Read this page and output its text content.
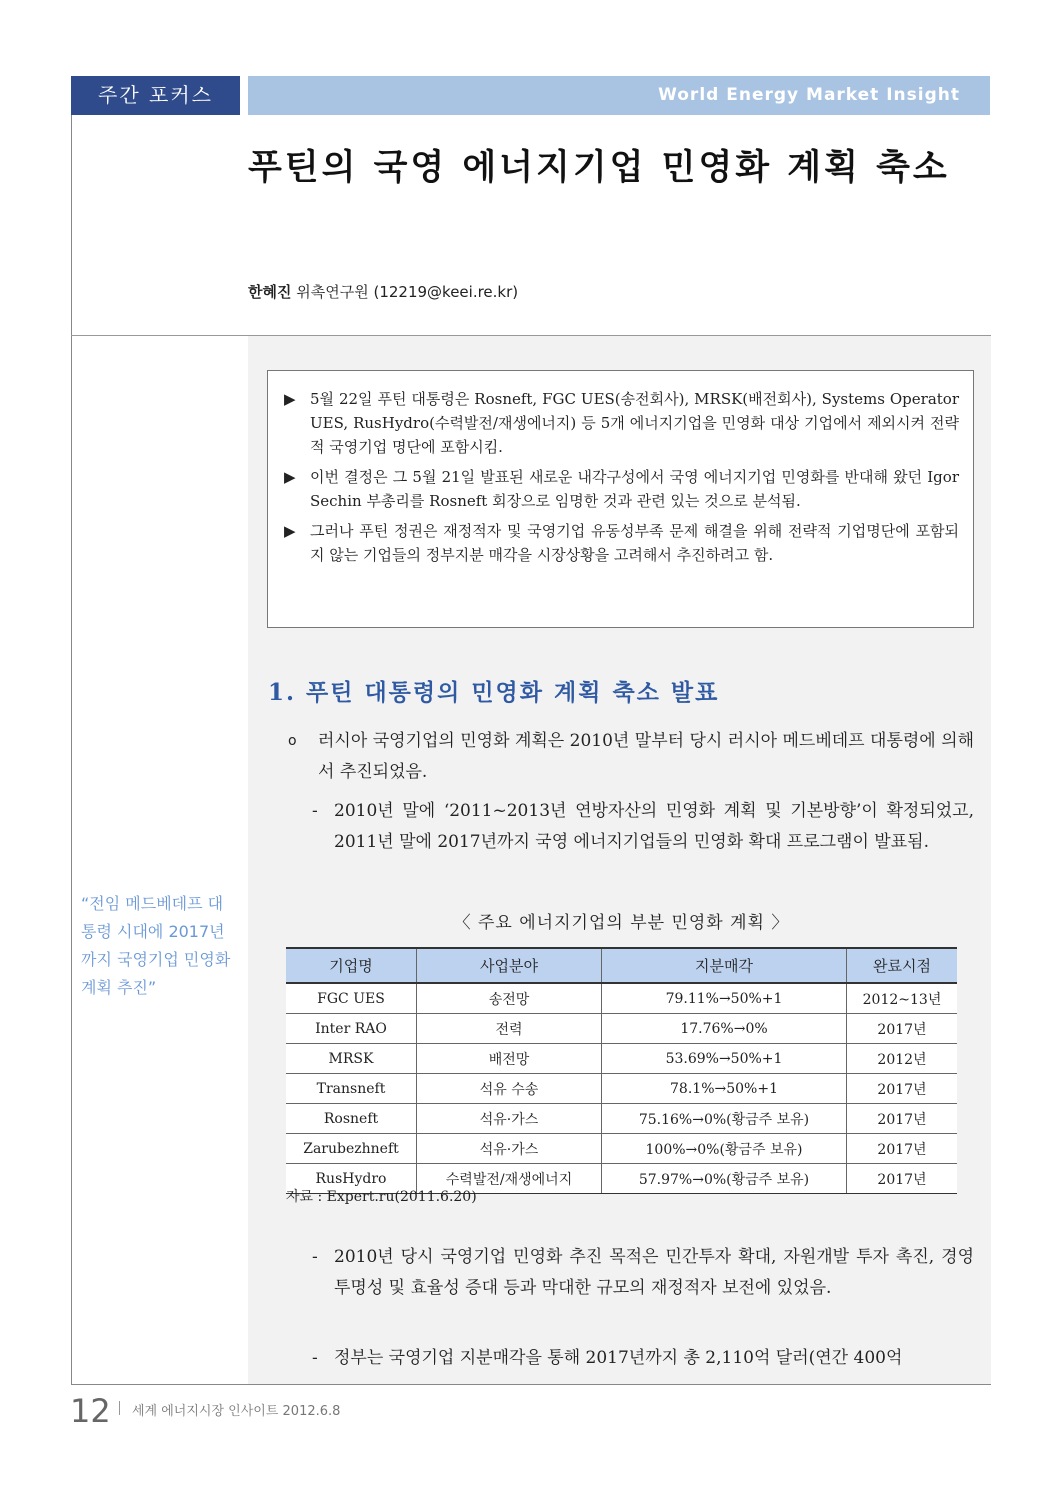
주간 포커스	World Energy Market Insight
푸틴의 국영 에너지기업 민영화 계획 축소
한혜진 위촉연구원 (12219@keei.re.kr)
▶ 5월 22일 푸틴 대통령은 Rosneft, FGC UES(송전회사), MRSK(배전회사), Systems Operator UES, RusHydro(수력발전/재생에너지) 등 5개 에너지기업을 민영화 대상 기업에서 제외시켜 전략적 국영기업 명단에 포함시킴.
▶ 이번 결정은 그 5월 21일 발표된 새로운 내각구성에서 국영 에너지기업 민영화를 반대해 왔던 Igor Sechin 부총리를 Rosneft 회장으로 임명한 것과 관련 있는 것으로 분석됨.
▶ 그러나 푸틴 정권은 재정적자 및 국영기업 유동성부족 문제 해결을 위해 전략적 기업명단에 포함되지 않는 기업들의 정부지분 매각을 시장상황을 고려해서 추진하려고 함.
1. 푸틴 대통령의 민영화 계획 축소 발표
o	러시아 국영기업의 민영화 계획은 2010년 말부터 당시 러시아 메드베데프 대통령에 의해서 추진되었음.
- 2010년 말에 ‘2011~2013년 연방자산의 민영화 계획 및 기본방향’이 확정되었고, 2011년 말에 2017년까지 국영 에너지기업들의 민영화 확대 프로그램이 발표됨.
〈 주요 에너지기업의 부분 민영화 계획 〉
기업명	사업분야	지분매각	완료시점
FGC UES	송전망	79.11%→50%+1	2012~13년
Inter RAO	전력	17.76%→0%	2017년
MRSK	배전망	53.69%→50%+1	2012년
Transneft	석유 수송	78.1%→50%+1	2017년
Rosneft	석유·가스	75.16%→0%(황금주 보유)	2017년
Zarubezhneft	석유·가스	100%→0%(황금주 보유)	2017년
RusHydro	수력발전/재생에너지	57.97%→0%(황금주 보유)	2017년
자료 : Expert.ru(2011.6.20)
- 2010년 당시 국영기업 민영화 추진 목적은 민간투자 확대, 자원개발 투자 촉진, 경영 투명성 및 효율성 증대 등과 막대한 규모의 재정적자 보전에 있었음.
- 정부는 국영기업 지분매각을 통해 2017년까지 총 2,110억 달러(연간 400억
“전임 메드베데프 대통령 시대에 2017년까지 국영기업 민영화 계획 추진”
12 세계 에너지시장 인사이트 2012.6.8
